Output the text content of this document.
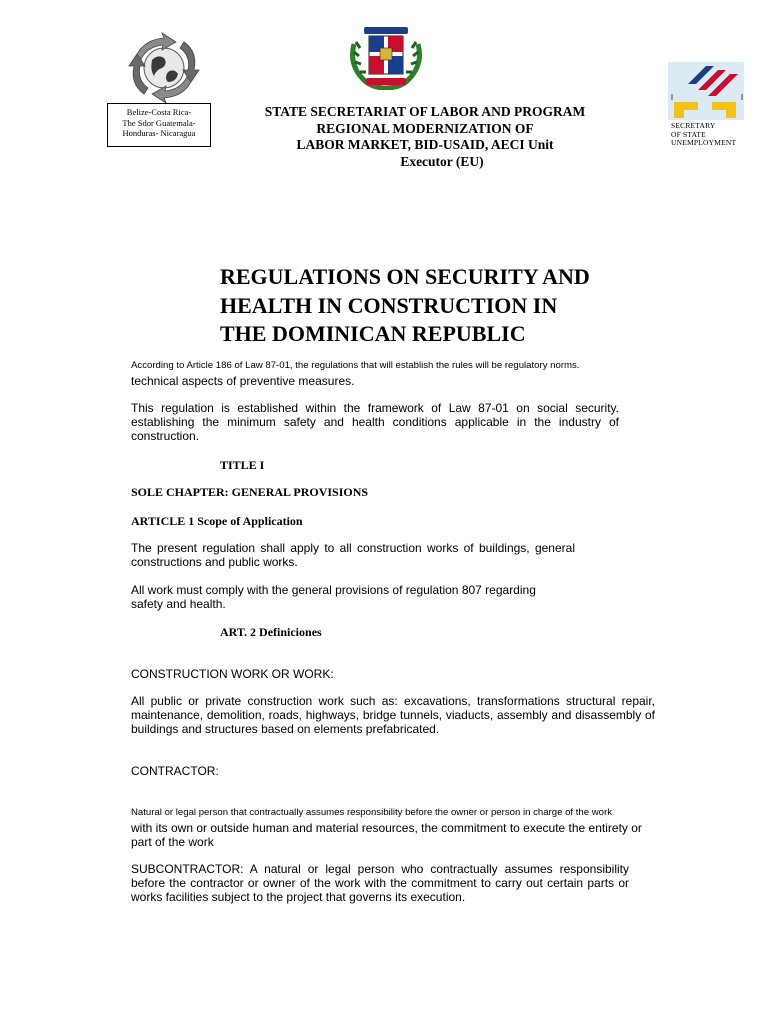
Belize-Costa Rica-
The Sdor Guatemala-
Honduras- Nicaragua
SECRETARY
OF STATE
UNEMPLOYMENT
STATE SECRETARIAT OF LABOR AND PROGRAM
REGIONAL MODERNIZATION OF
LABOR MARKET, BID-USAID, AECI Unit
Executor (EU)
REGULATIONS ON SECURITY AND
HEALTH IN CONSTRUCTION IN
THE DOMINICAN REPUBLIC
According to Article 186 of Law 87-01, the regulations that will establish the rules will be regulatory norms.
technical aspects of preventive measures.
This regulation is established within the framework of Law 87-01 on social security. establishing the minimum safety and health conditions applicable in the industry of construction.
TITLE I
SOLE CHAPTER: GENERAL PROVISIONS
ARTICLE 1 Scope of Application
The present regulation shall apply to all construction works of buildings, general constructions and public works.
All work must comply with the general provisions of regulation 807 regarding safety and health.
ART. 2 Definiciones
CONSTRUCTION WORK OR WORK:
All public or private construction work such as: excavations, transformations structural repair, maintenance, demolition, roads, highways, bridge tunnels, viaducts, assembly and disassembly of buildings and structures based on elements prefabricated.
CONTRACTOR:
Natural or legal person that contractually assumes responsibility before the owner or person in charge of the work
with its own or outside human and material resources, the commitment to execute the entirety or part of the work
SUBCONTRACTOR: A natural or legal person who contractually assumes responsibility before the contractor or owner of the work with the commitment to carry out certain parts or works facilities subject to the project that governs its execution.
